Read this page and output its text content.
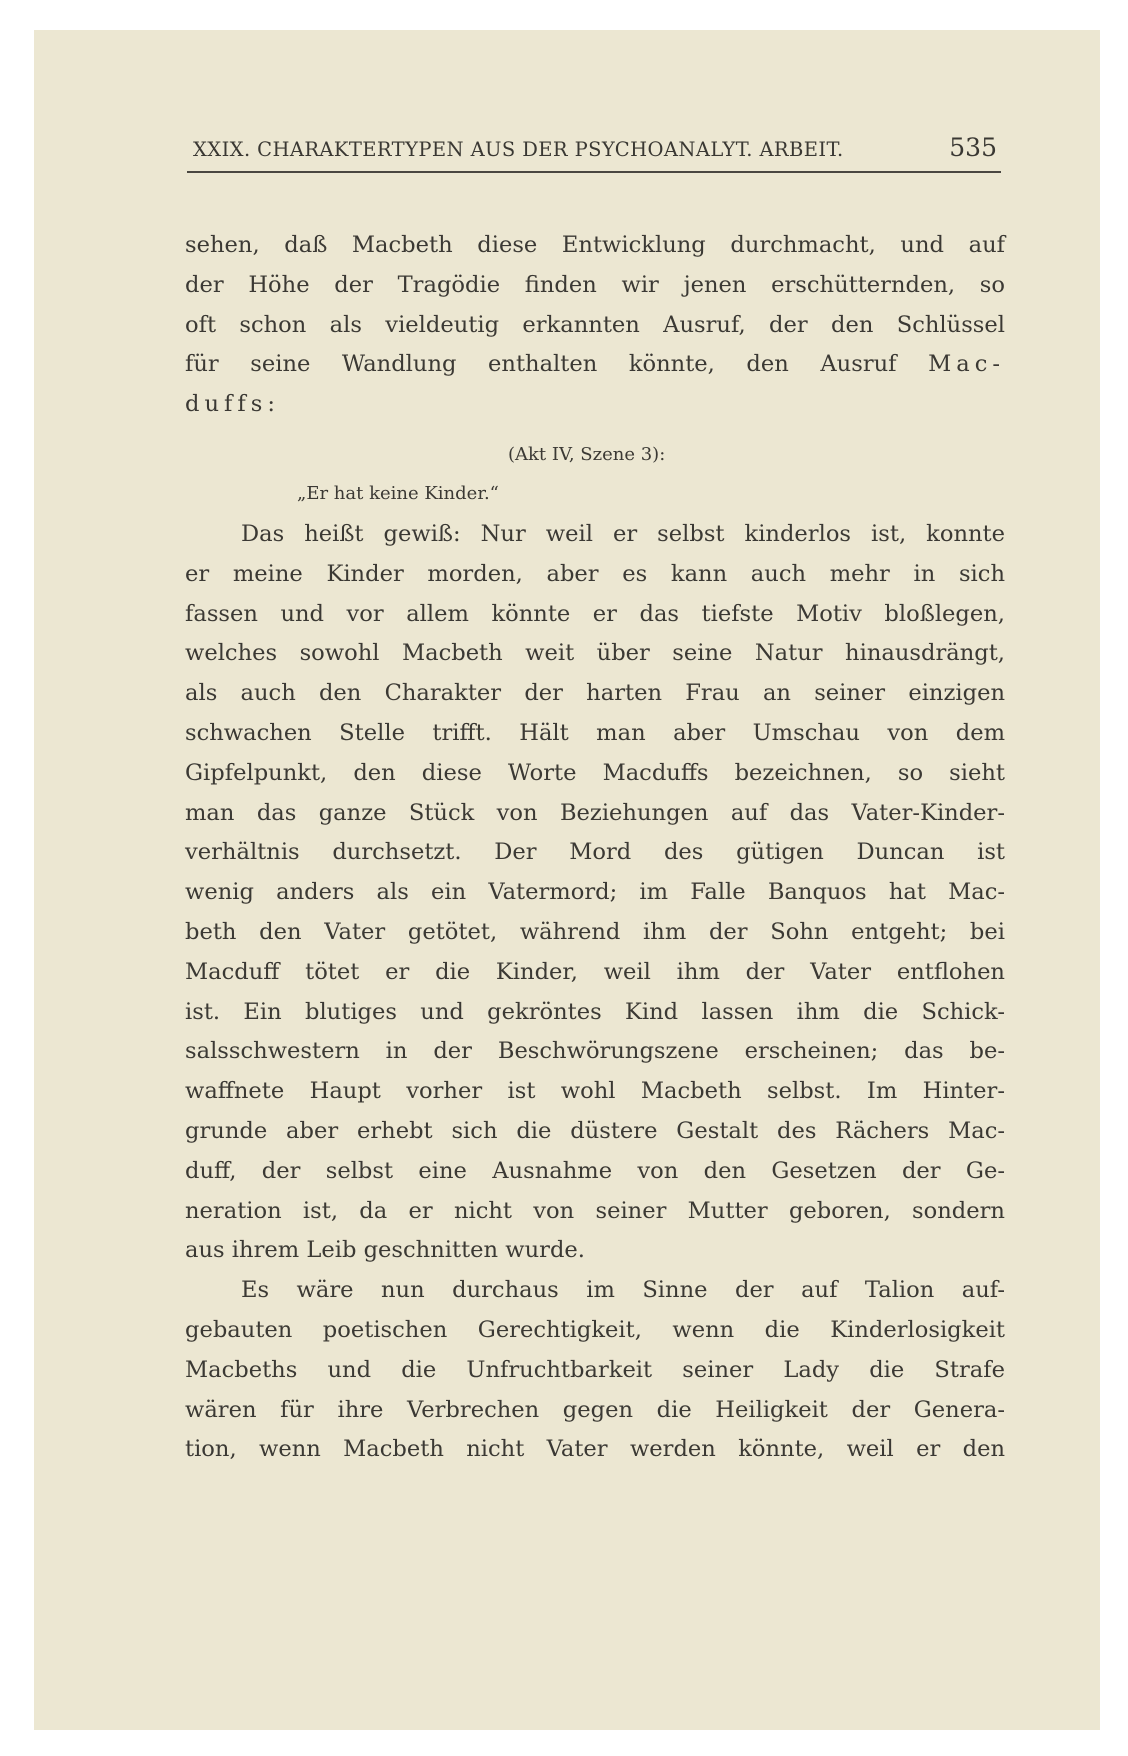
XXIX. CHARAKTERTYPEN AUS DER PSYCHOANALYT. ARBEIT.	535
sehen, daß Macbeth diese Entwicklung durchmacht, und auf
der Höhe der Tragödie finden wir jenen erschütternden, so
oft schon als vieldeutig erkannten Ausruf, der den Schlüssel
für seine Wandlung enthalten könnte, den Ausruf Mac-
duffs:
(Akt IV, Szene 3):
„Er hat keine Kinder.“
Das heißt gewiß: Nur weil er selbst kinderlos ist, konnte
er meine Kinder morden, aber es kann auch mehr in sich
fassen und vor allem könnte er das tiefste Motiv bloßlegen,
welches sowohl Macbeth weit über seine Natur hinausdrängt,
als auch den Charakter der harten Frau an seiner einzigen
schwachen Stelle trifft. Hält man aber Umschau von dem
Gipfelpunkt, den diese Worte Macduffs bezeichnen, so sieht
man das ganze Stück von Beziehungen auf das Vater-Kinder-
verhältnis durchsetzt. Der Mord des gütigen Duncan ist
wenig anders als ein Vatermord; im Falle Banquos hat Mac-
beth den Vater getötet, während ihm der Sohn entgeht; bei
Macduff tötet er die Kinder, weil ihm der Vater entflohen
ist. Ein blutiges und gekröntes Kind lassen ihm die Schick-
salsschwestern in der Beschwörungszene erscheinen; das be-
waffnete Haupt vorher ist wohl Macbeth selbst. Im Hinter-
grunde aber erhebt sich die düstere Gestalt des Rächers Mac-
duff, der selbst eine Ausnahme von den Gesetzen der Ge-
neration ist, da er nicht von seiner Mutter geboren, sondern
aus ihrem Leib geschnitten wurde.
Es wäre nun durchaus im Sinne der auf Talion auf-
gebauten poetischen Gerechtigkeit, wenn die Kinderlosigkeit
Macbeths und die Unfruchtbarkeit seiner Lady die Strafe
wären für ihre Verbrechen gegen die Heiligkeit der Genera-
tion, wenn Macbeth nicht Vater werden könnte, weil er den
